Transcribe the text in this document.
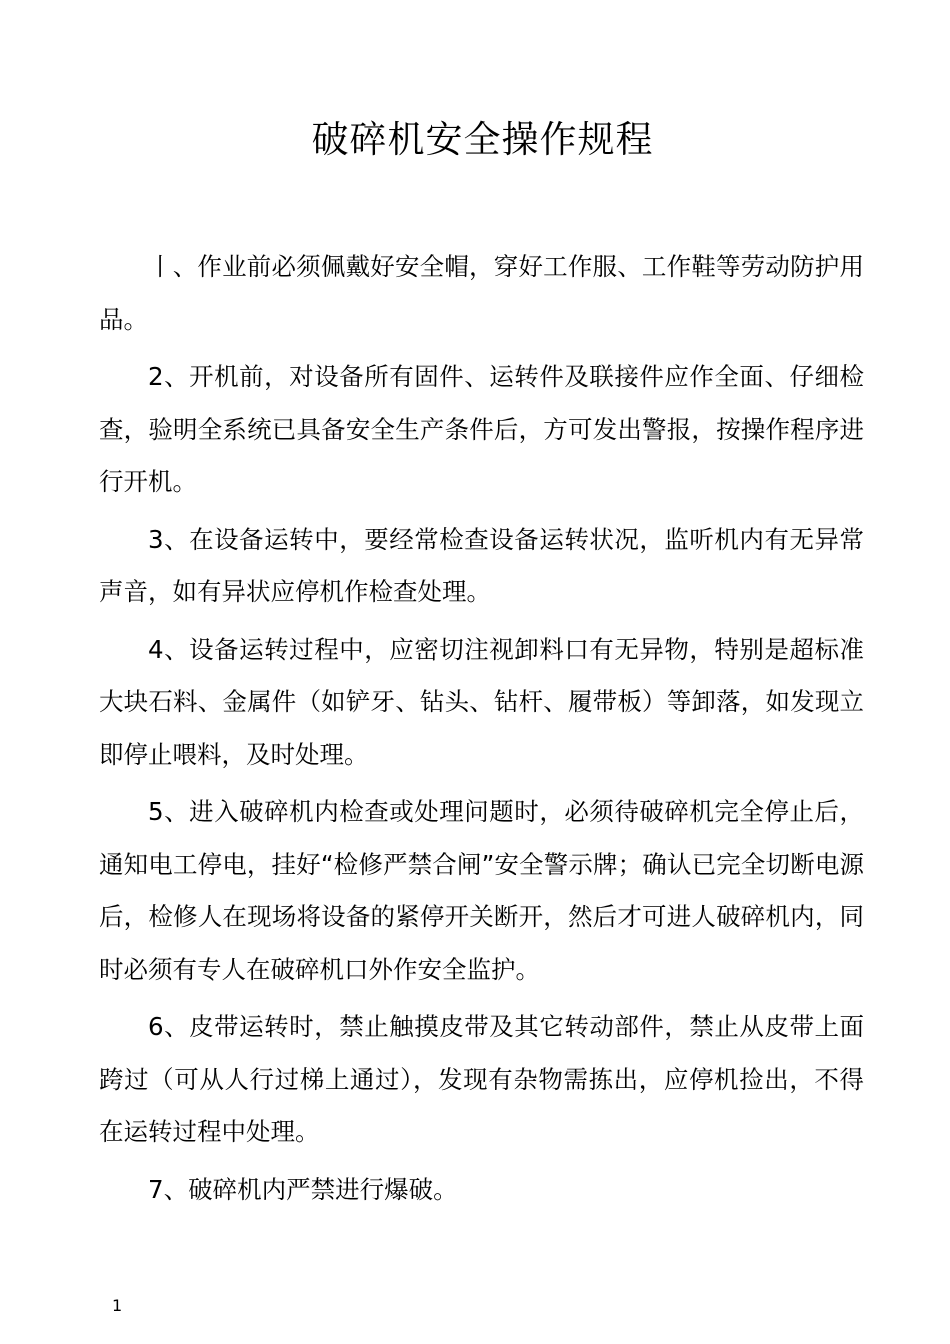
破碎机安全操作规程

丨、作业前必须佩戴好安全帽，穿好工作服、工作鞋等劳动防护用品。

2、开机前，对设备所有固件、运转件及联接件应作全面、仔细检查，验明全系统已具备安全生产条件后，方可发出警报，按操作程序进行开机。

3、在设备运转中，要经常检查设备运转状况，监听机内有无异常声音，如有异状应停机作检查处理。

4、设备运转过程中，应密切注视卸料口有无异物，特别是超标准大块石料、金属件（如铲牙、钻头、钻杆、履带板）等卸落，如发现立即停止喂料，及时处理。

5、进入破碎机内检查或处理问题时，必须待破碎机完全停止后，通知电工停电，挂好“检修严禁合闸”安全警示牌；确认已完全切断电源后，检修人在现场将设备的紧停开关断开，然后才可进人破碎机内，同时必须有专人在破碎机口外作安全监护。

6、皮带运转时，禁止触摸皮带及其它转动部件，禁止从皮带上面跨过（可从人行过梯上通过），发现有杂物需拣出，应停机捡出，不得在运转过程中处理。

7、破碎机内严禁进行爆破。

1
